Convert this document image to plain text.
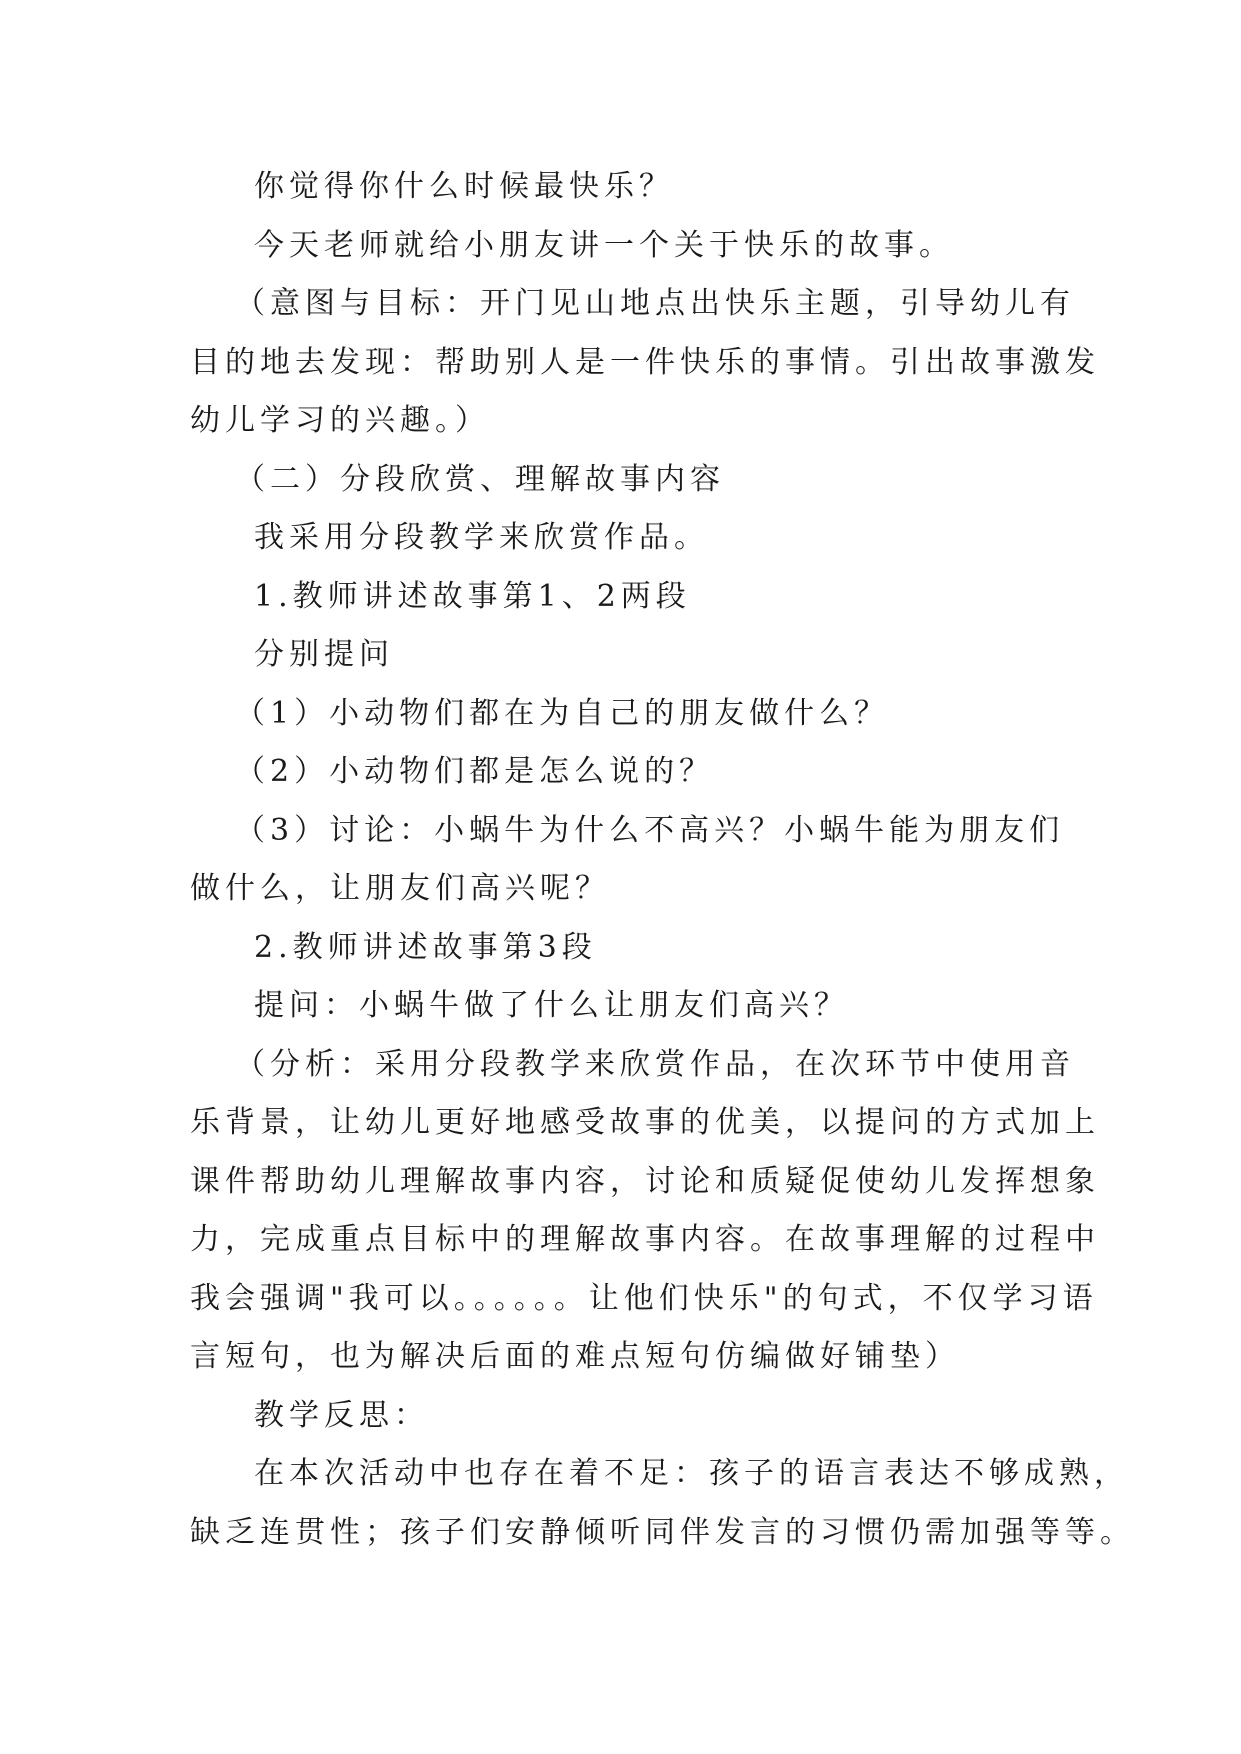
你觉得你什么时候最快乐？
今天老师就给小朋友讲一个关于快乐的故事。
（意图与目标：开门见山地点出快乐主题，引导幼儿有
目的地去发现：帮助别人是一件快乐的事情。引出故事激发
幼儿学习的兴趣。）
（二）分段欣赏、理解故事内容
我采用分段教学来欣赏作品。
1.教师讲述故事第1、2两段
分别提问
（1）小动物们都在为自己的朋友做什么？
（2）小动物们都是怎么说的？
（3）讨论：小蜗牛为什么不高兴？小蜗牛能为朋友们
做什么，让朋友们高兴呢？
2.教师讲述故事第3段
提问：小蜗牛做了什么让朋友们高兴？
（分析：采用分段教学来欣赏作品，在次环节中使用音
乐背景，让幼儿更好地感受故事的优美，以提问的方式加上
课件帮助幼儿理解故事内容，讨论和质疑促使幼儿发挥想象
力，完成重点目标中的理解故事内容。在故事理解的过程中
我会强调"我可以。。。。。。让他们快乐"的句式，不仅学习语
言短句，也为解决后面的难点短句仿编做好铺垫）
教学反思：
在本次活动中也存在着不足：孩子的语言表达不够成熟，
缺乏连贯性；孩子们安静倾听同伴发言的习惯仍需加强等等。
